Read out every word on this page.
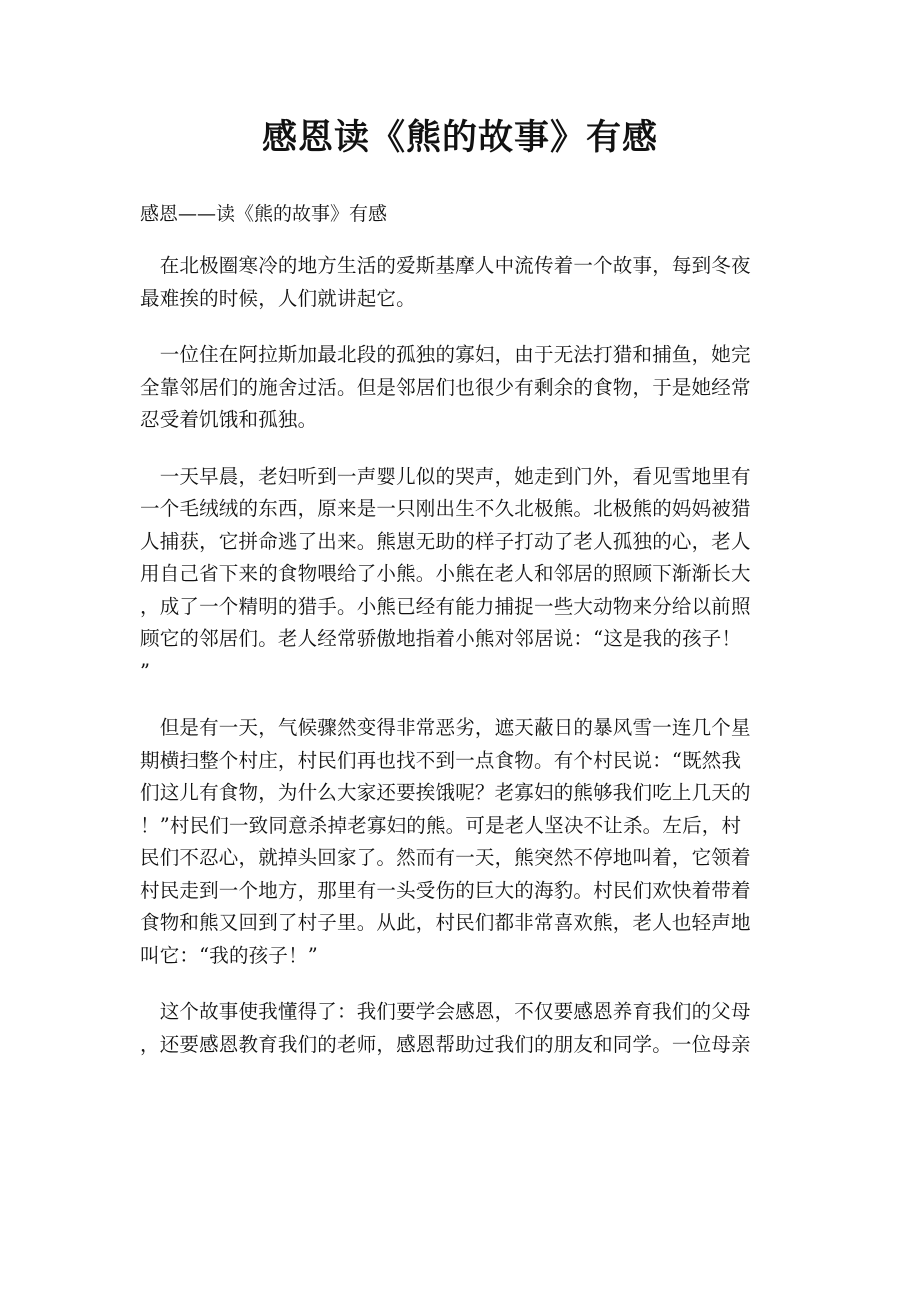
感恩读《熊的故事》有感

感恩——读《熊的故事》有感

　在北极圈寒冷的地方生活的爱斯基摩人中流传着一个故事，每到冬夜
最难挨的时候，人们就讲起它。
　一位住在阿拉斯加最北段的孤独的寡妇，由于无法打猎和捕鱼，她完
全靠邻居们的施舍过活。但是邻居们也很少有剩余的食物，于是她经常
忍受着饥饿和孤独。
　一天早晨，老妇听到一声婴儿似的哭声，她走到门外，看见雪地里有
一个毛绒绒的东西，原来是一只刚出生不久北极熊。北极熊的妈妈被猎
人捕获，它拼命逃了出来。熊崽无助的样子打动了老人孤独的心，老人
用自己省下来的食物喂给了小熊。小熊在老人和邻居的照顾下渐渐长大
，成了一个精明的猎手。小熊已经有能力捕捉一些大动物来分给以前照
顾它的邻居们。老人经常骄傲地指着小熊对邻居说：“这是我的孩子！
”
　但是有一天，气候骤然变得非常恶劣，遮天蔽日的暴风雪一连几个星
期横扫整个村庄，村民们再也找不到一点食物。有个村民说：“既然我
们这儿有食物，为什么大家还要挨饿呢？老寡妇的熊够我们吃上几天的
！”村民们一致同意杀掉老寡妇的熊。可是老人坚决不让杀。左后，村
民们不忍心，就掉头回家了。然而有一天，熊突然不停地叫着，它领着
村民走到一个地方，那里有一头受伤的巨大的海豹。村民们欢快着带着
食物和熊又回到了村子里。从此，村民们都非常喜欢熊，老人也轻声地
叫它：“我的孩子！”
　这个故事使我懂得了：我们要学会感恩，不仅要感恩养育我们的父母
，还要感恩教育我们的老师，感恩帮助过我们的朋友和同学。一位母亲
